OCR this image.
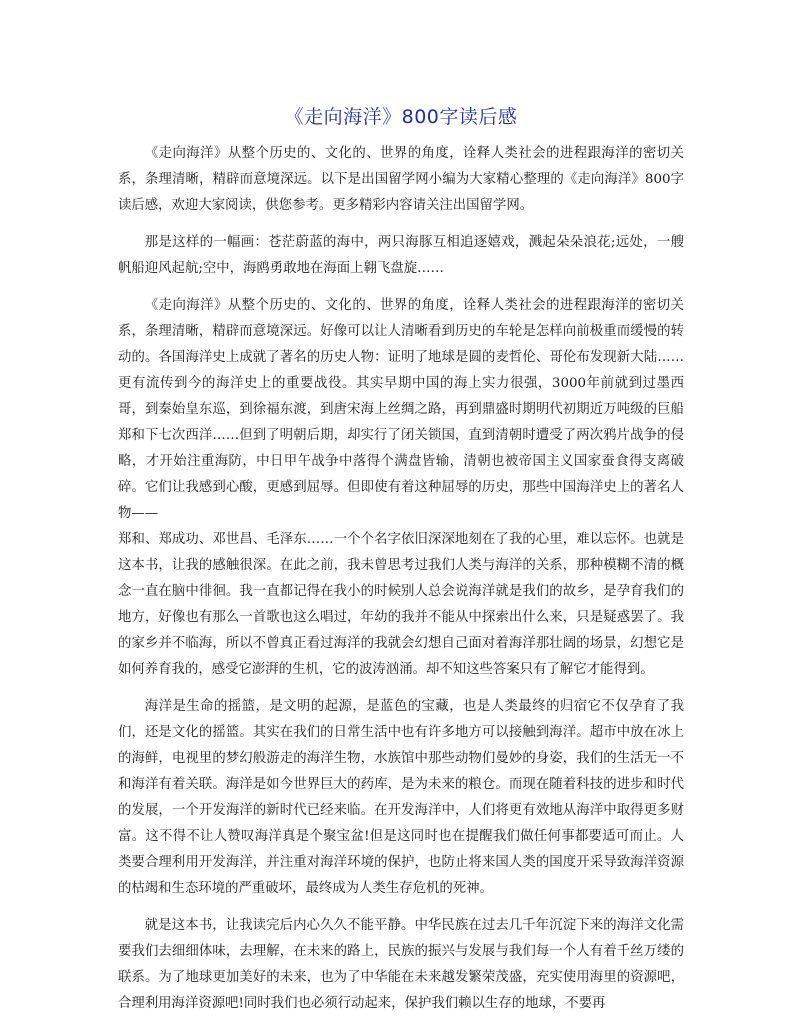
《走向海洋》800字读后感

《走向海洋》从整个历史的、文化的、世界的角度，诠释人类社会的进程跟海洋的密切关系，条理清晰，精辟而意境深远。以下是出国留学网小编为大家精心整理的《走向海洋》800字读后感，欢迎大家阅读，供您参考。更多精彩内容请关注出国留学网。

那是这样的一幅画：苍茫蔚蓝的海中，两只海豚互相追逐嬉戏，溅起朵朵浪花;远处，一艘帆船迎风起航;空中，海鸥勇敢地在海面上翱飞盘旋……

《走向海洋》从整个历史的、文化的、世界的角度，诠释人类社会的进程跟海洋的密切关系，条理清晰，精辟而意境深远。好像可以让人清晰看到历史的车轮是怎样向前极重而缓慢的转动的。各国海洋史上成就了著名的历史人物：证明了地球是圆的麦哲伦、哥伦布发现新大陆……更有流传到今的海洋史上的重要战役。其实早期中国的海上实力很强，3000年前就到过墨西哥，到秦始皇东巡，到徐福东渡，到唐宋海上丝绸之路，再到鼎盛时期明代初期近万吨级的巨船郑和下七次西洋……但到了明朝后期，却实行了闭关锁国，直到清朝时遭受了两次鸦片战争的侵略，才开始注重海防，中日甲午战争中落得个满盘皆输，清朝也被帝国主义国家蚕食得支离破碎。它们让我感到心酸，更感到屈辱。但即使有着这种屈辱的历史，那些中国海洋史上的著名人物——

郑和、郑成功、邓世昌、毛泽东……一个个名字依旧深深地刻在了我的心里，难以忘怀。也就是这本书，让我的感触很深。在此之前，我未曾思考过我们人类与海洋的关系，那种模糊不清的概念一直在脑中徘徊。我一直都记得在我小的时候别人总会说海洋就是我们的故乡，是孕育我们的地方，好像也有那么一首歌也这么唱过，年幼的我并不能从中探索出什么来，只是疑惑罢了。我的家乡并不临海，所以不曾真正看过海洋的我就会幻想自己面对着海洋那壮阔的场景，幻想它是如何养育我的，感受它澎湃的生机，它的波涛汹涌。却不知这些答案只有了解它才能得到。

海洋是生命的摇篮，是文明的起源，是蓝色的宝藏，也是人类最终的归宿它不仅孕育了我们，还是文化的摇篮。其实在我们的日常生活中也有许多地方可以接触到海洋。超市中放在冰上的海鲜，电视里的梦幻般游走的海洋生物，水族馆中那些动物们曼妙的身姿，我们的生活无一不和海洋有着关联。海洋是如今世界巨大的药库，是为未来的粮仓。而现在随着科技的进步和时代的发展，一个开发海洋的新时代已经来临。在开发海洋中，人们将更有效地从海洋中取得更多财富。这不得不让人赞叹海洋真是个聚宝盆!但是这同时也在提醒我们做任何事都要适可而止。人类要合理利用开发海洋，并注重对海洋环境的保护，也防止将来国人类的国度开采导致海洋资源的枯竭和生态环境的严重破坏，最终成为人类生存危机的死神。

就是这本书，让我读完后内心久久不能平静。中华民族在过去几千年沉淀下来的海洋文化需要我们去细细体味，去理解，在未来的路上，民族的振兴与发展与我们每一个人有着千丝万缕的联系。为了地球更加美好的未来，也为了中华能在未来越发繁荣茂盛，充实使用海里的资源吧，合理利用海洋资源吧!同时我们也必须行动起来，保护我们赖以生存的地球，不要再
